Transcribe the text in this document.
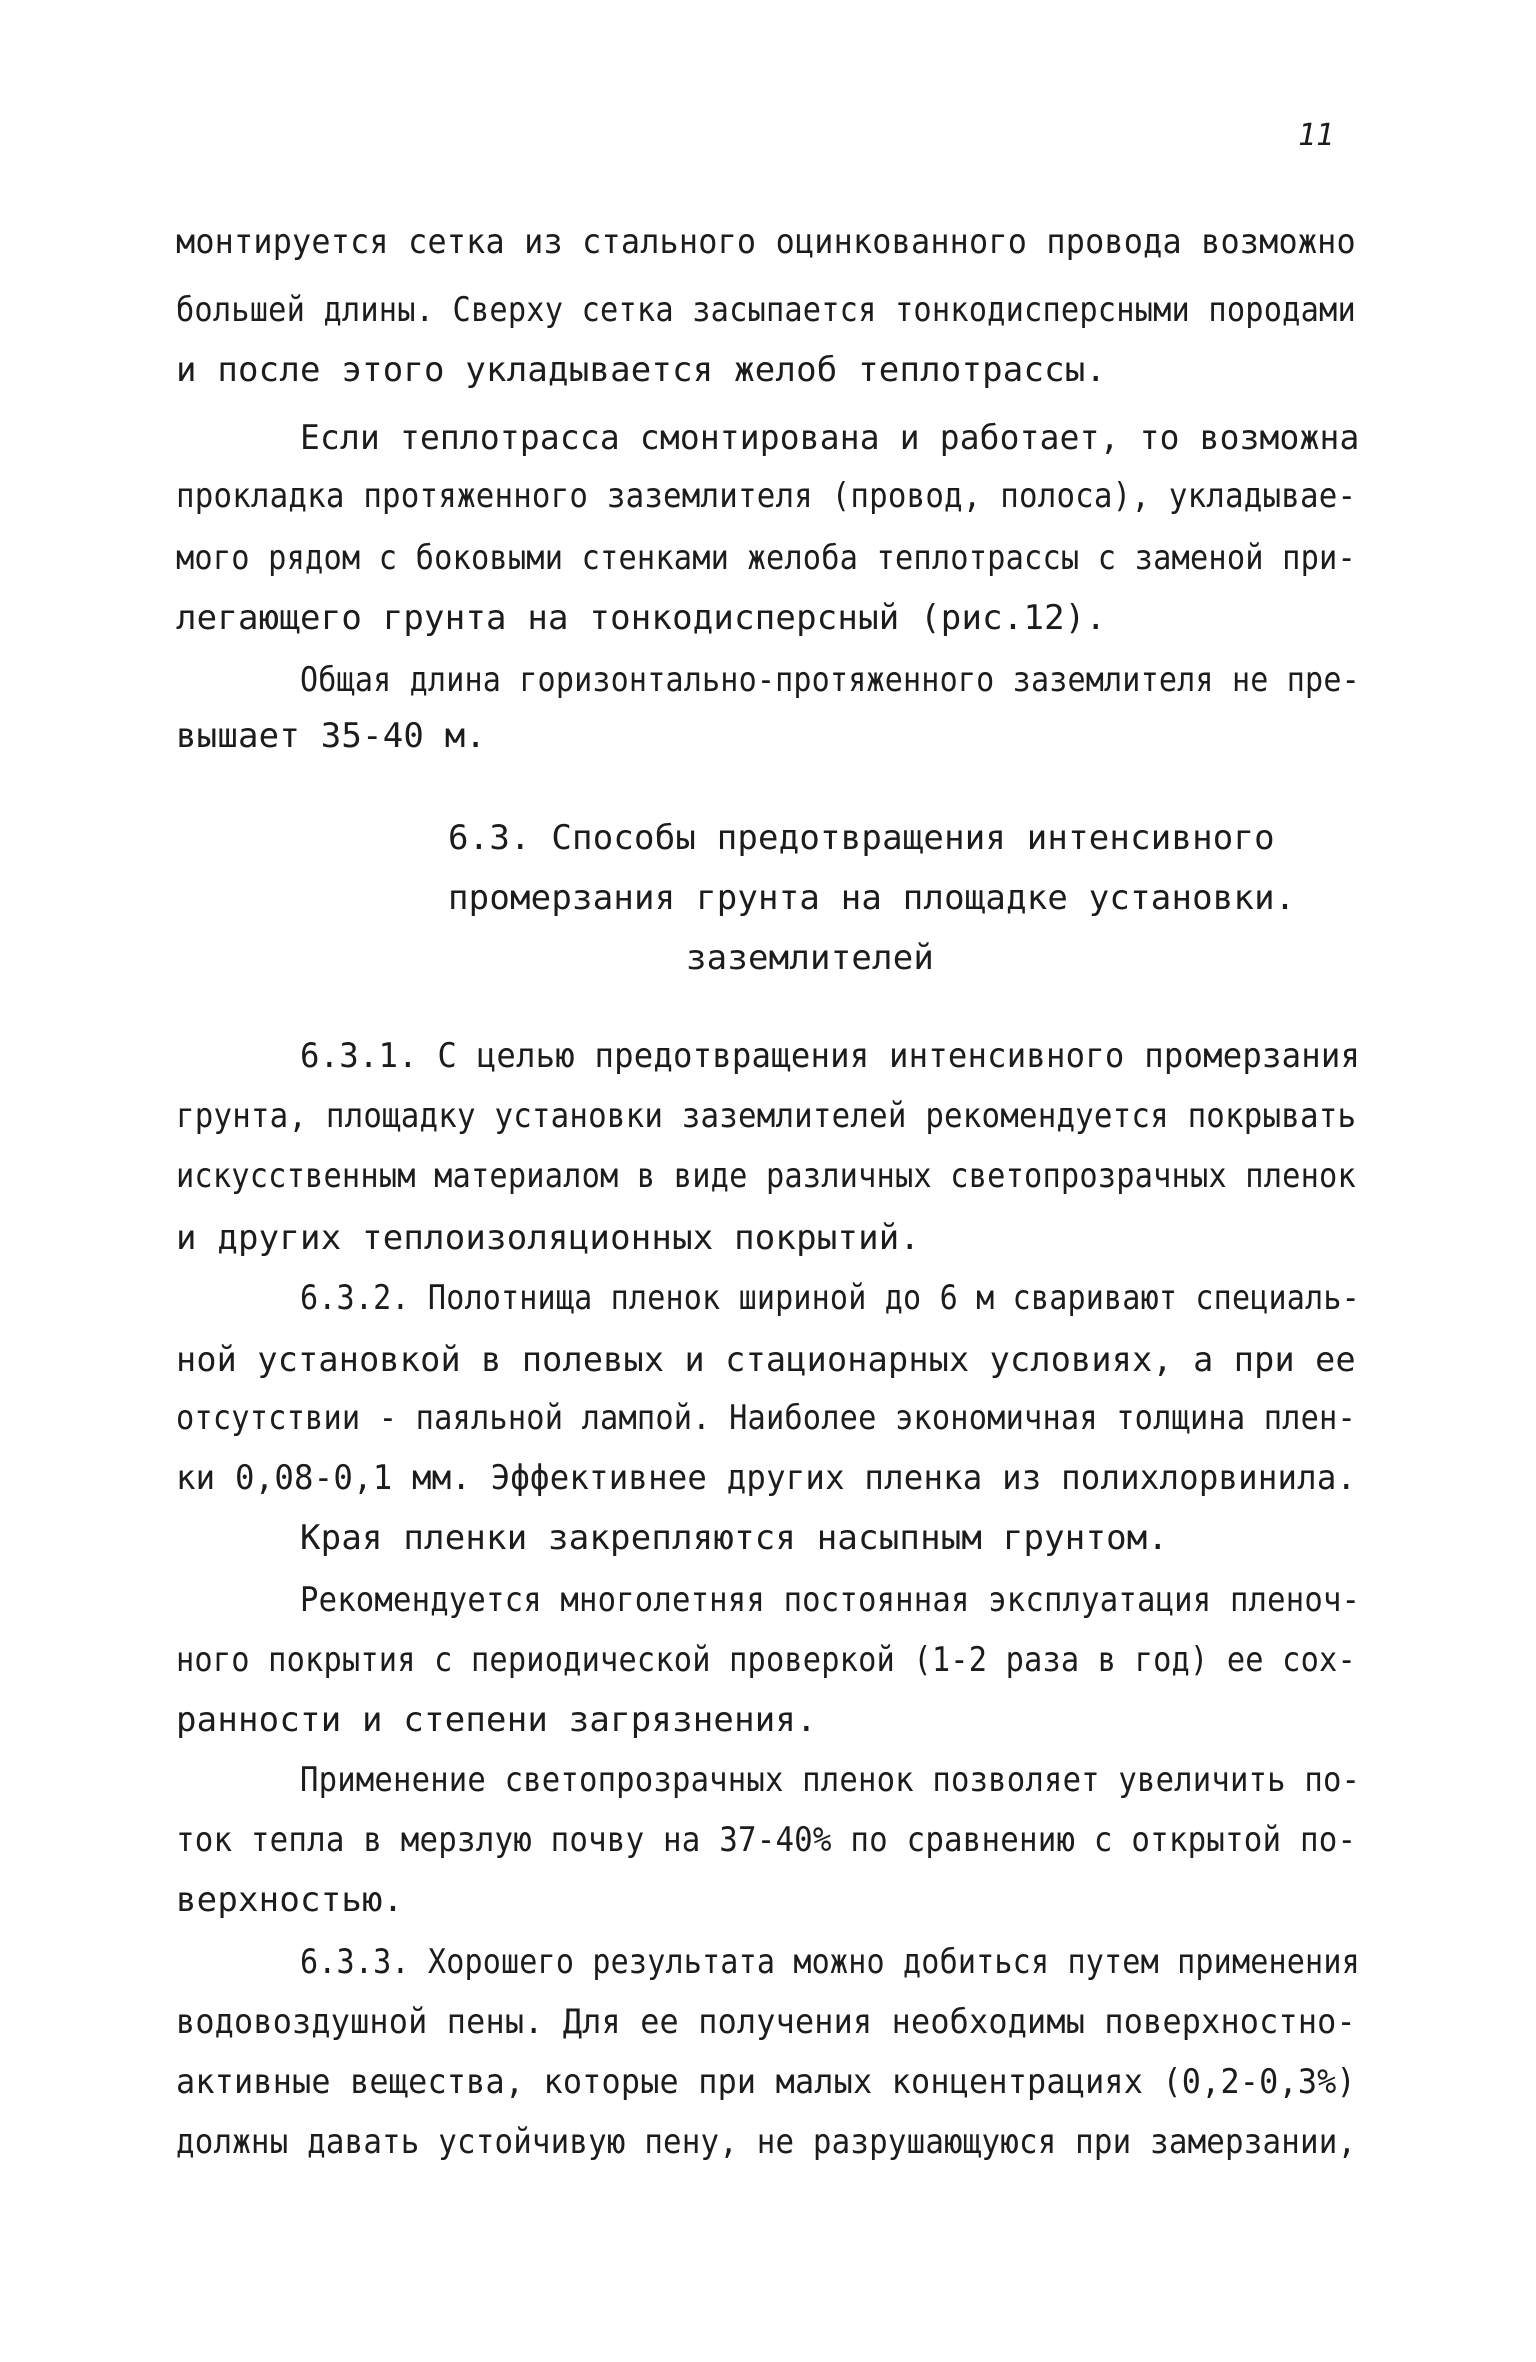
11
монтируется сетка из стального оцинкованного провода возможно
большей длины. Сверху сетка засыпается тонкодисперсными породами
и после этого укладывается желоб теплотрассы.
Если теплотрасса смонтирована и работает, то возможна
прокладка протяженного заземлителя (провод, полоса), укладывае-
мого рядом с боковыми стенками желоба теплотрассы с заменой при-
легающего грунта на тонкодисперсный (рис.12).
Общая длина горизонтально-протяженного заземлителя не пре-
вышает 35-40 м.
6.3. Способы предотвращения интенсивного
промерзания грунта на площадке установки.
заземлителей
6.3.1. С целью предотвращения интенсивного промерзания
грунта, площадку установки заземлителей рекомендуется покрывать
искусственным материалом в виде различных светопрозрачных пленок
и других теплоизоляционных покрытий.
6.3.2. Полотнища пленок шириной до 6 м сваривают специаль-
ной установкой в полевых и стационарных условиях, а при ее
отсутствии - паяльной лампой. Наиболее экономичная толщина плен-
ки 0,08-0,1 мм. Эффективнее других пленка из полихлорвинила.
Края пленки закрепляются насыпным грунтом.
Рекомендуется многолетняя постоянная эксплуатация пленоч-
ного покрытия с периодической проверкой (1-2 раза в год) ее сох-
ранности и степени загрязнения.
Применение светопрозрачных пленок позволяет увеличить по-
ток тепла в мерзлую почву на 37-40% по сравнению с открытой по-
верхностью.
6.3.3. Хорошего результата можно добиться путем применения
водовоздушной пены. Для ее получения необходимы поверхностно-
активные вещества, которые при малых концентрациях (0,2-0,3%)
должны давать устойчивую пену, не разрушающуюся при замерзании,
